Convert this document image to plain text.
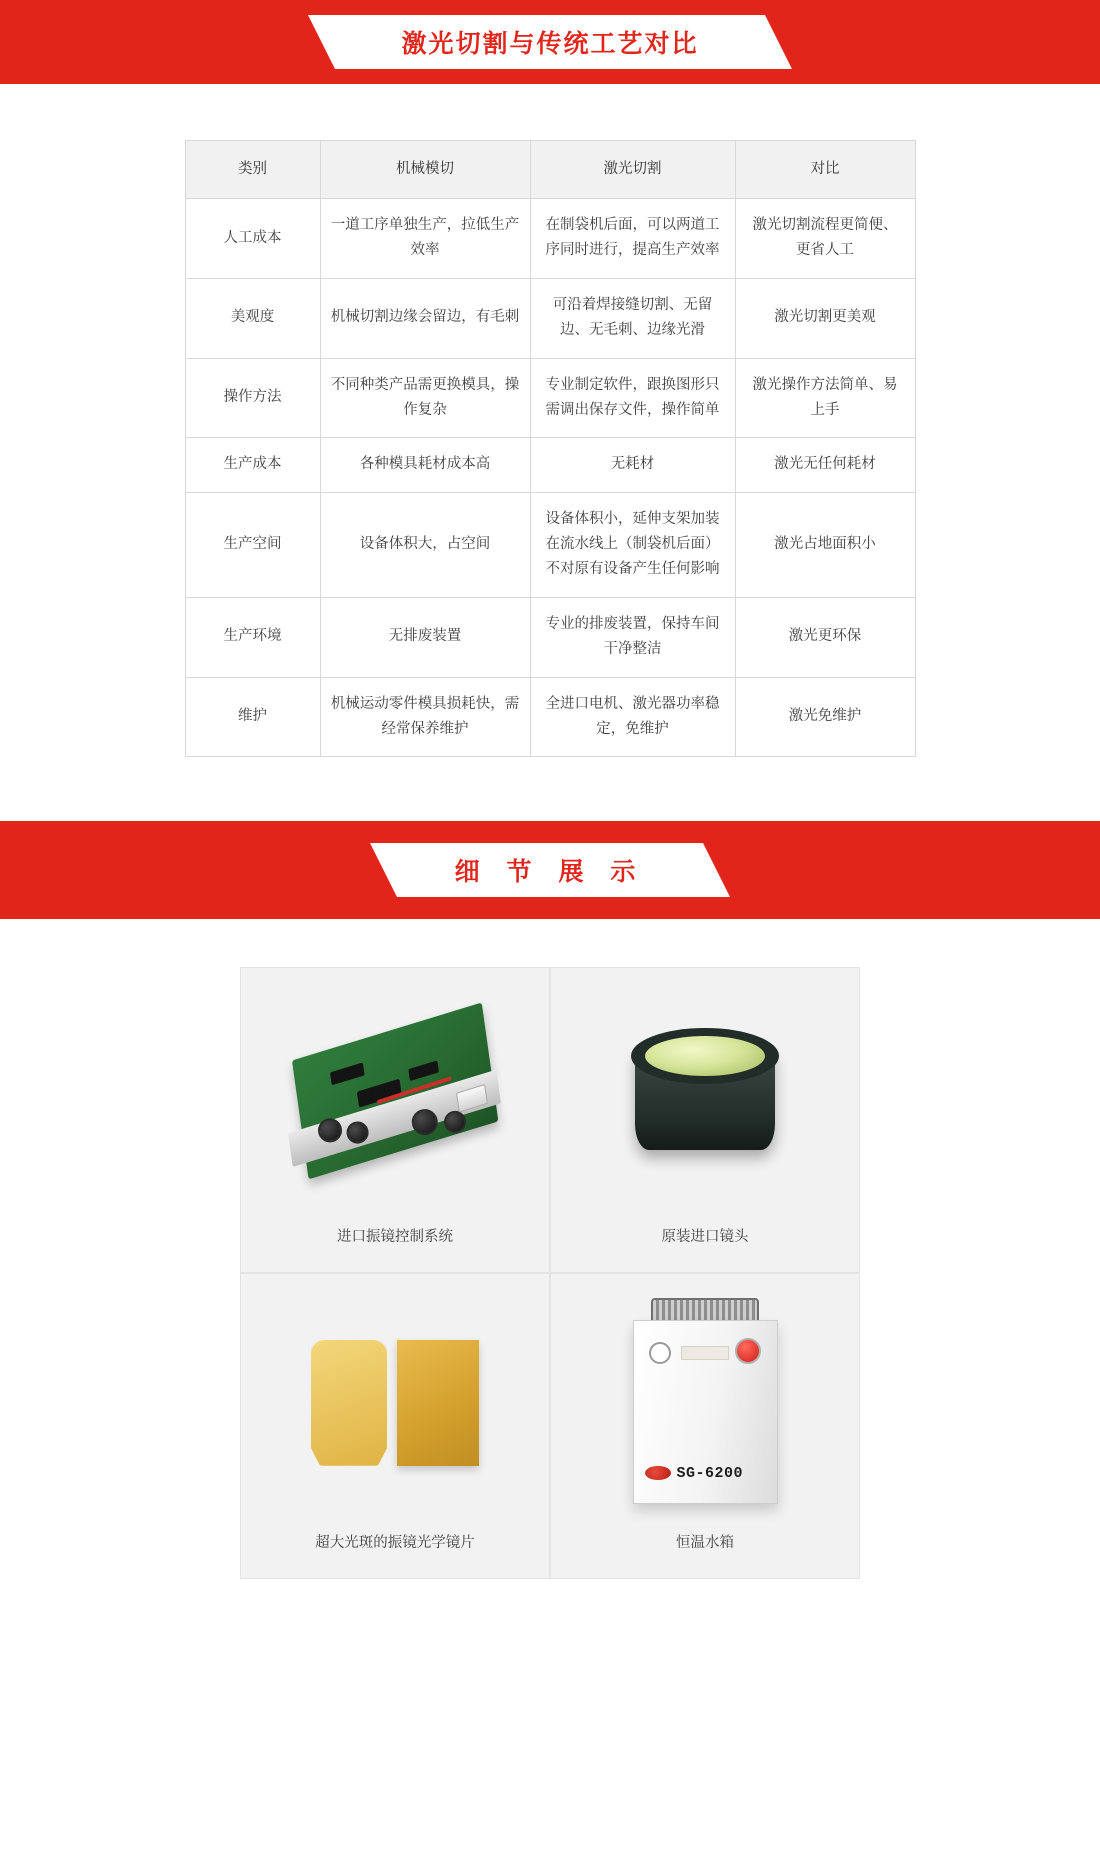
激光切割与传统工艺对比
类别	机械模切	激光切割	对比
人工成本	一道工序单独生产，拉低生产效率	在制袋机后面，可以两道工序同时进行，提高生产效率	激光切割流程更简便、更省人工
美观度	机械切割边缘会留边，有毛刺	可沿着焊接缝切割、无留边、无毛刺、边缘光滑	激光切割更美观
操作方法	不同种类产品需更换模具，操作复杂	专业制定软件，跟换图形只需调出保存文件，操作简单	激光操作方法简单、易上手
生产成本	各种模具耗材成本高	无耗材	激光无任何耗材
生产空间	设备体积大，占空间	设备体积小，延伸支架加装在流水线上（制袋机后面）不对原有设备产生任何影响	激光占地面积小
生产环境	无排废装置	专业的排废装置，保持车间干净整洁	激光更环保
维护	机械运动零件模具损耗快，需经常保养维护	全进口电机、激光器功率稳定，免维护	激光免维护
细 节 展 示
进口振镜控制系统	原装进口镜头
超大光斑的振镜光学镜片
SG-6200
恒温水箱
